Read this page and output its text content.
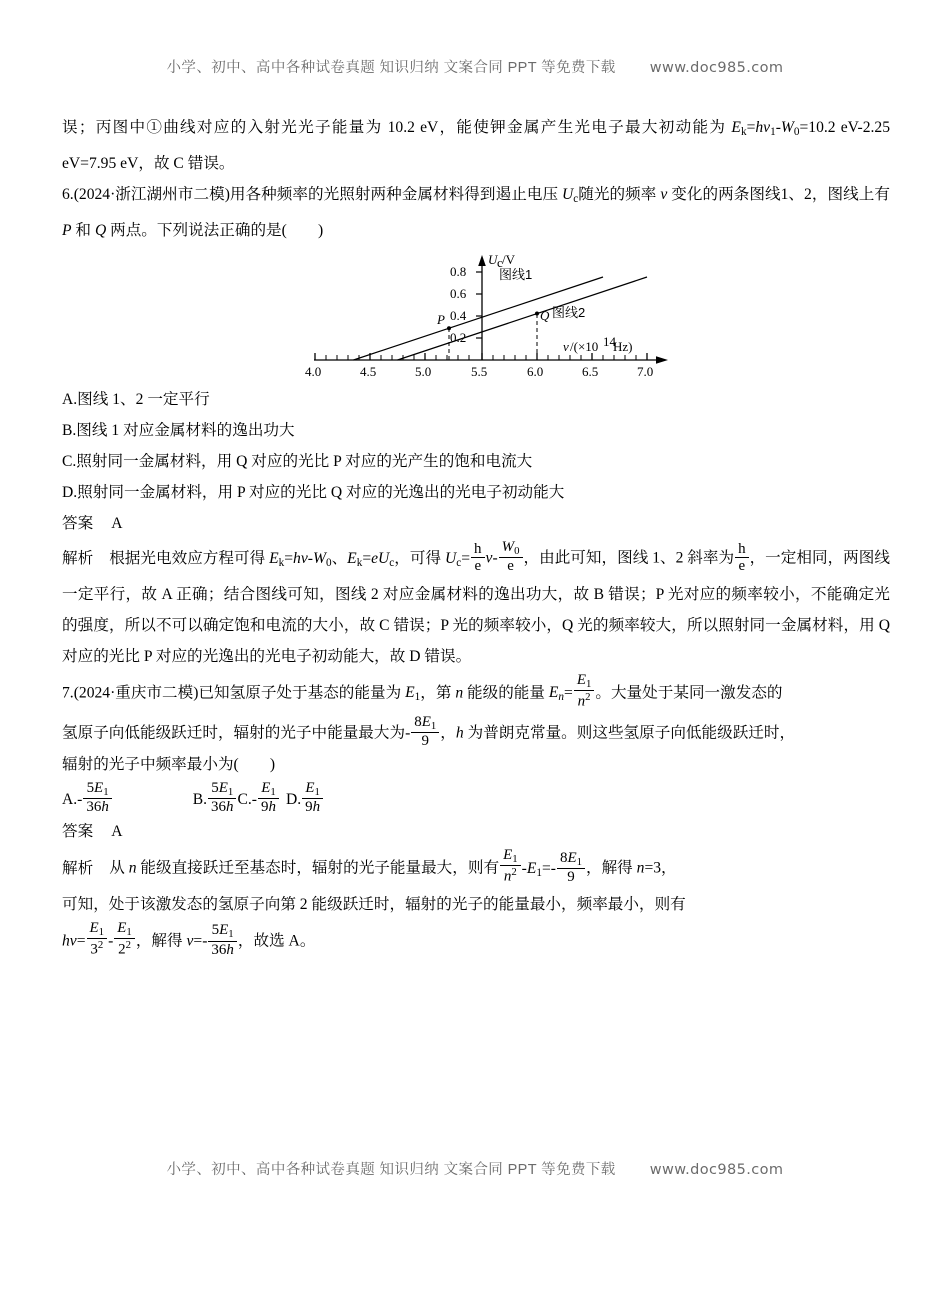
小学、初中、高中各种试卷真题 知识归纳 文案合同 PPT 等免费下载 www.doc985.com

误；丙图中①曲线对应的入射光光子能量为 10.2 eV，能使钾金属产生光电子最大初动能为 $E_k=h\nu_1-W_0=10.2$ eV-2.25 eV=7.95 eV，故 C 错误。

6.(2024·浙江湖州市二模)用各种频率的光照射两种金属材料得到遏止电压 $U_c$随光的频率 ν 变化的两条图线1、2，图线上有 P 和 Q 两点。下列说法正确的是(　　)

U c /V
0.8
0.6
0.4
0.2
4.0	4.5	5.0	5.5	6.0	6.5	7.0
ν /(×10 14
Hz)
图线1
图线2
P	Q

A.图线 1、2 一定平行

B.图线 1 对应金属材料的逸出功大

C.照射同一金属材料，用 Q 对应的光比 P 对应的光产生的饱和电流大

D.照射同一金属材料，用 P 对应的光比 Q 对应的光逸出的光电子初动能大

答案 A

解析 根据光电效应方程可得 $E_k=h\nu-W_0$、$E_k=eU_c$，可得 $U_c= \frac{h}{e} \nu- \frac{W_0}{e}$ ，由此可知，图线 1、2 斜率为 $\frac{h}{e}$ ，一定相同，两图线一定平行，故 A 正确；结合图线可知，图线 2 对应金属材料的逸出功大，故 B 错误；P 光对应的频率较小，不能确定光的强度，所以不可以确定饱和电流的大小，故 C 错误；P 光的频率较小，Q 光的频率较大，所以照射同一金属材料，用 Q 对应的光比 P 对应的光逸出的光电子初动能大，故 D 错误。

7.(2024·重庆市二模)已知氢原子处于基态的能量为 $E_1$，第 n 能级的能量 $E_n= \frac{E_1}{n^2}$ 。大量处于某同一激发态的

氢原子向低能级跃迁时，辐射的光子中能量最大为- $\frac{8E_1}{9}$ ，h 为普朗克常量。则这些氢原子向低能级跃迁时，

辐射的光子中频率最小为(　　)

$A.- \frac{5E_1}{36h}$	B. $\frac{5E_1}{36h} C.- \frac{E_1}{9h} D$. $\frac{E_1}{9h}$

答案 A

解析 从 n 能级直接跃迁至基态时，辐射的光子能量最大，则有 $\frac{E_1}{n^2} -E_1=- \frac{8E_1}{9}$ ，解得 n=3，

可知，处于该激发态的氢原子向第 2 能级跃迁时，辐射的光子的能量最小，频率最小，则有

$h\nu= \frac{E_1}{3^2} - \frac{E_1}{2^2}$ ，解得 $\nu=- \frac{5E_1}{36h}$ ，故选 A。

小学、初中、高中各种试卷真题 知识归纳 文案合同 PPT 等免费下载 www.doc985.com
